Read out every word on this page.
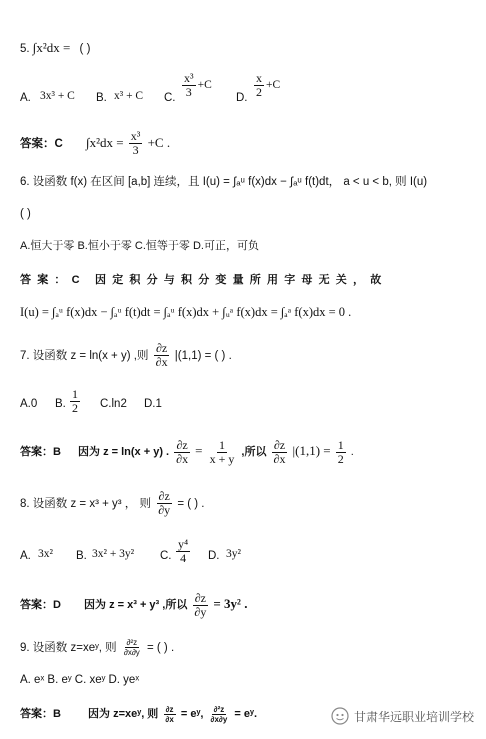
5. ∫x²dx = ( )
A. 3x³ + C B. x³ + C C. $\frac{\text{x³}}{3} +C$
D. $\frac{x}{2} +C$
答案：C $\int x^2dx = \frac{\text{x³}}{3} +C$ .
6. 设函数 f(x) 在区间 [a,b] 连续，且 I(u) = ∫ₐᵘ f(x)dx − ∫ₐᵘ f(t)dt， a < u < b, 则 I(u)
( )
A.恒大于零 B.恒小于零 C.恒等于零 D.可正，可负
答案：C 因定积分与积分变量所用字母无关，故
I(u) = ∫ₐᵘ f(x)dx − ∫ₐᵘ f(t)dt = ∫ₐᵘ f(x)dx + ∫ᵤᵃ f(x)dx = ∫ₐᵃ f(x)dx = 0 .
7. 设函数 z = ln(x + y) ,则 $\frac{\partial z}{\partial x} |(1,1)$ = ( ) .
A.0 B. $\frac{1}{2} C.\ln 2$ D.1
答案：B 因为 z = ln(x + y) . $\frac{\partial z}{\partial x} = \frac{1}{x + y}$ ,所以 $\frac{\partial z}{\partial x} |(1,1) = \frac{1}{2}$ .
8. 设函数 z = x³ + y³ ， 则 $\frac{\partial z}{\partial y}$ = ( ) .
A. 3x² B. 3x² + 3y² C. $\frac{\text{y⁴}}{4} D$. 3y²
答案：D 因为 z = x³ + y³ ,所以 $\frac{\partial z}{\partial y} = 3y^2$ .
9. 设函数 z=xeʸ, 则 $\frac{\text{∂²z}}{\partial x\partial y}$ = ( ) .
A. eˣ B. eʸ C. xeʸ D. yeˣ
答案：B 因为 z=xeʸ, 则 $\frac{\partial z}{\partial x}$ = eʸ, $\frac{\text{∂²z}}{\partial x\partial y}$ = eʸ.	甘肃华远职业培训学校
